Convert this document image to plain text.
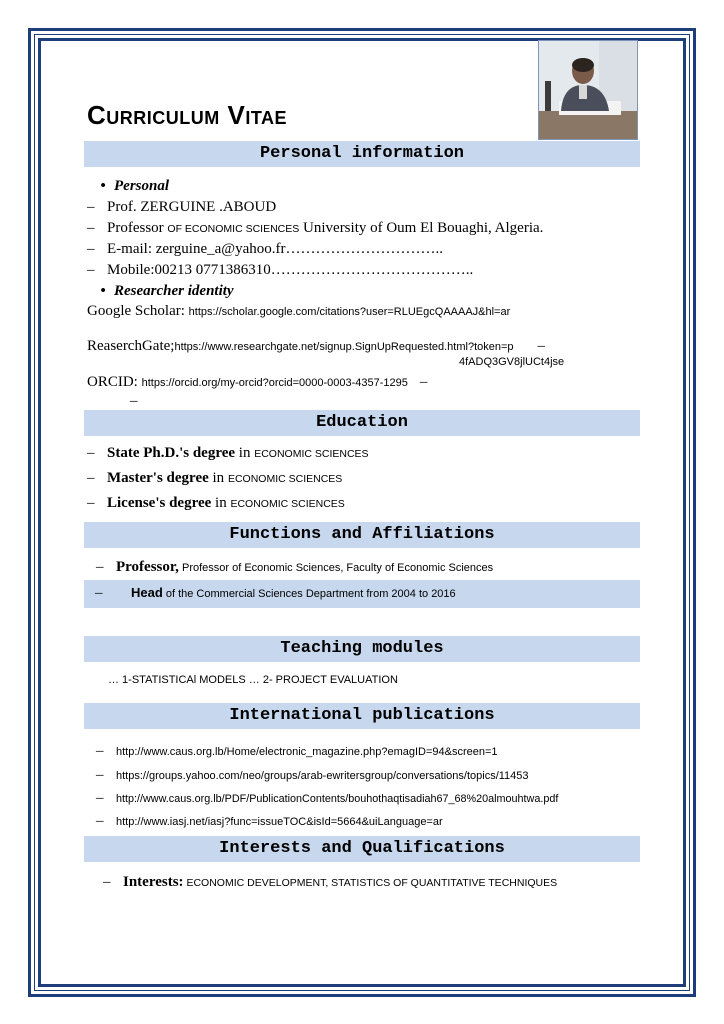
Curriculum Vitae
Personal information
• Personal
– Prof. ZERGUINE .ABOUD
– Professor OF ECONOMIC SCIENCES University of Oum El Bouaghi, Algeria.
– E-mail: zerguine_a@yahoo.fr…………………………..
– Mobile:00213 0771386310…………………………………..
• Researcher identity
Google Scholar: https://scholar.google.com/citations?user=RLUEgcQAAAAJ&hl=ar
ReaserchGate;https://www.researchgate.net/signup.SignUpRequested.html?token=p –
4fADQ3GV8jlUCt4jse
ORCID: https://orcid.org/my-orcid?orcid=0000-0003-4357-1295 –
–
Education
– State Ph.D.'s degree in ECONOMIC SCIENCES
– Master's degree in ECONOMIC SCIENCES
– License's degree in ECONOMIC SCIENCES
Functions and Affiliations
– Professor, Professor of Economic Sciences, Faculty of Economic Sciences
– Head of the Commercial Sciences Department from 2004 to 2016
Teaching modules
… 1-STATISTICAl MODELS … 2- PROJECT EVALUATION
International publications
– http://www.caus.org.lb/Home/electronic_magazine.php?emagID=94&screen=1
– https://groups.yahoo.com/neo/groups/arab-ewritersgroup/conversations/topics/11453
– http://www.caus.org.lb/PDF/PublicationContents/bouhothaqtisadiah67_68%20almouhtwa.pdf
– http://www.iasj.net/iasj?func=issueTOC&isId=5664&uiLanguage=ar
Interests and Qualifications
– Interests: ECONOMIC DEVELOPMENT, STATISTICS OF QUANTITATIVE TECHNIQUES
